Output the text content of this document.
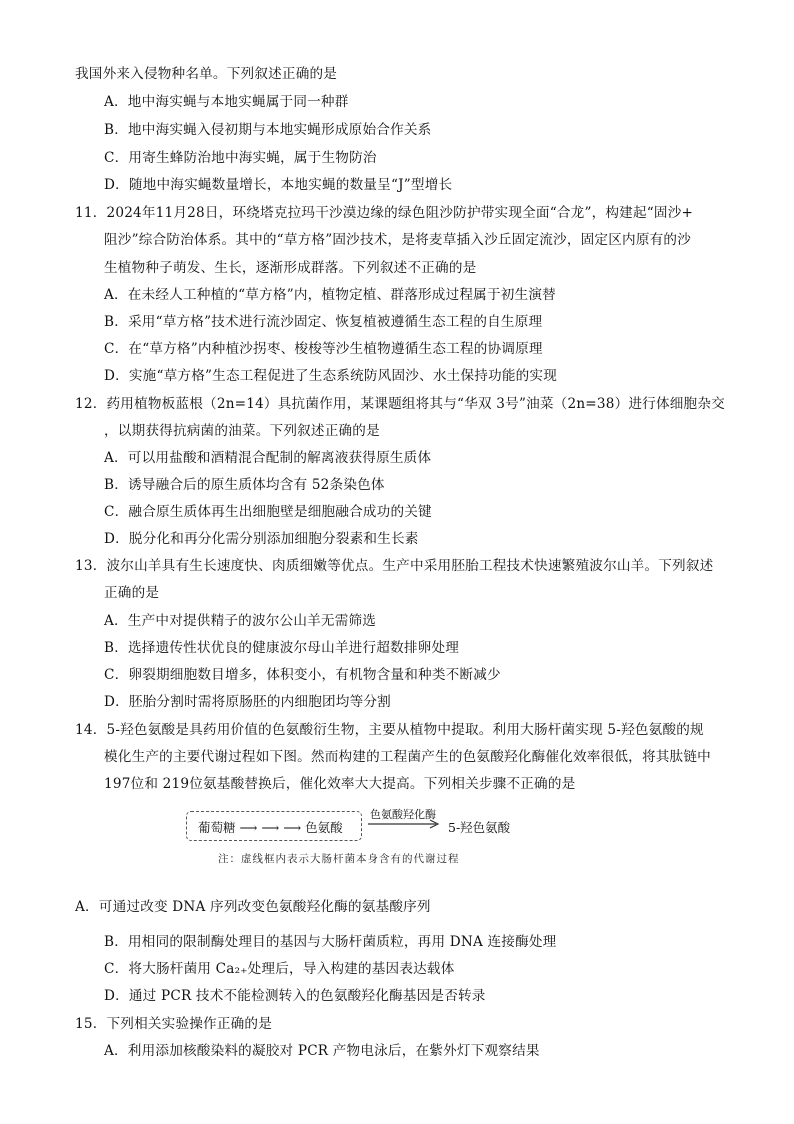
我国外来入侵物种名单。下列叙述正确的是
A．地中海实蝇与本地实蝇属于同一种群
B．地中海实蝇入侵初期与本地实蝇形成原始合作关系
C．用寄生蜂防治地中海实蝇，属于生物防治
D．随地中海实蝇数量增长，本地实蝇的数量呈“J”型增长
11．2024年11月28日，环绕塔克拉玛干沙漠边缘的绿色阻沙防护带实现全面“合龙”，构建起“固沙+
阻沙”综合防治体系。其中的“草方格”固沙技术，是将麦草插入沙丘固定流沙，固定区内原有的沙
生植物种子萌发、生长，逐渐形成群落。下列叙述不正确的是
A．在未经人工种植的“草方格”内，植物定植、群落形成过程属于初生演替
B．采用“草方格”技术进行流沙固定、恢复植被遵循生态工程的自生原理
C．在“草方格”内种植沙拐枣、梭梭等沙生植物遵循生态工程的协调原理
D．实施“草方格”生态工程促进了生态系统防风固沙、水土保持功能的实现
12．药用植物板蓝根（2n=14）具抗菌作用，某课题组将其与“华双 3号”油菜（2n=38）进行体细胞杂交
，以期获得抗病菌的油菜。下列叙述正确的是
A．可以用盐酸和酒精混合配制的解离液获得原生质体
B．诱导融合后的原生质体均含有 52条染色体
C．融合原生质体再生出细胞壁是细胞融合成功的关键
D．脱分化和再分化需分别添加细胞分裂素和生长素
13．波尔山羊具有生长速度快、肉质细嫩等优点。生产中采用胚胎工程技术快速繁殖波尔山羊。下列叙述
正确的是
A．生产中对提供精子的波尔公山羊无需筛选
B．选择遗传性状优良的健康波尔母山羊进行超数排卵处理
C．卵裂期细胞数目增多，体积变小，有机物含量和种类不断减少
D．胚胎分割时需将原肠胚的内细胞团均等分割
14．5-羟色氨酸是具药用价值的色氨酸衍生物，主要从植物中提取。利用大肠杆菌实现 5-羟色氨酸的规
模化生产的主要代谢过程如下图。然而构建的工程菌产生的色氨酸羟化酶催化效率很低，将其肽链中
197位和 219位氨基酸替换后，催化效率大大提高。下列相关步骤不正确的是
葡萄糖 ⟶ ⟶ ⟶ 色氨酸
色氨酸羟化酶
5-羟色氨酸
注：虚线框内表示大肠杆菌本身含有的代谢过程
A．可通过改变 DNA 序列改变色氨酸羟化酶的氨基酸序列
B．用相同的限制酶处理目的基因与大肠杆菌质粒，再用 DNA 连接酶处理
C．将大肠杆菌用 Ca₂₊处理后，导入构建的基因表达载体
D．通过 PCR 技术不能检测转入的色氨酸羟化酶基因是否转录
15．下列相关实验操作正确的是
A．利用添加核酸染料的凝胶对 PCR 产物电泳后，在紫外灯下观察结果
